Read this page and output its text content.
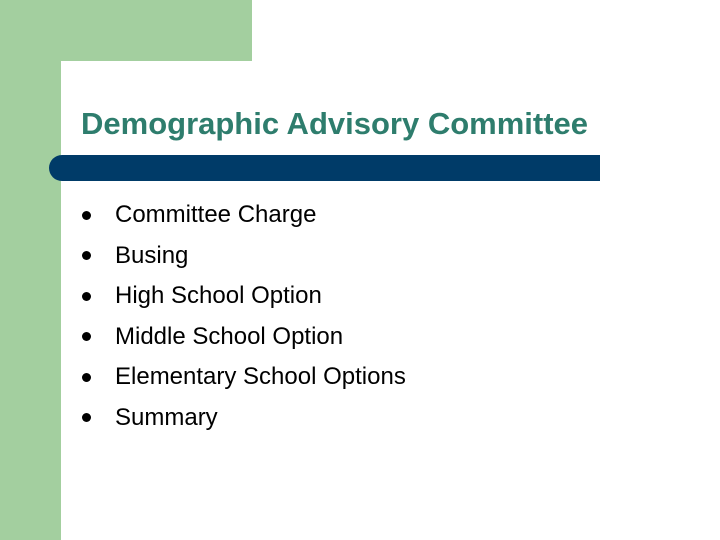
Demographic Advisory Committee
Committee Charge
Busing
High School Option
Middle School Option
Elementary School Options
Summary
